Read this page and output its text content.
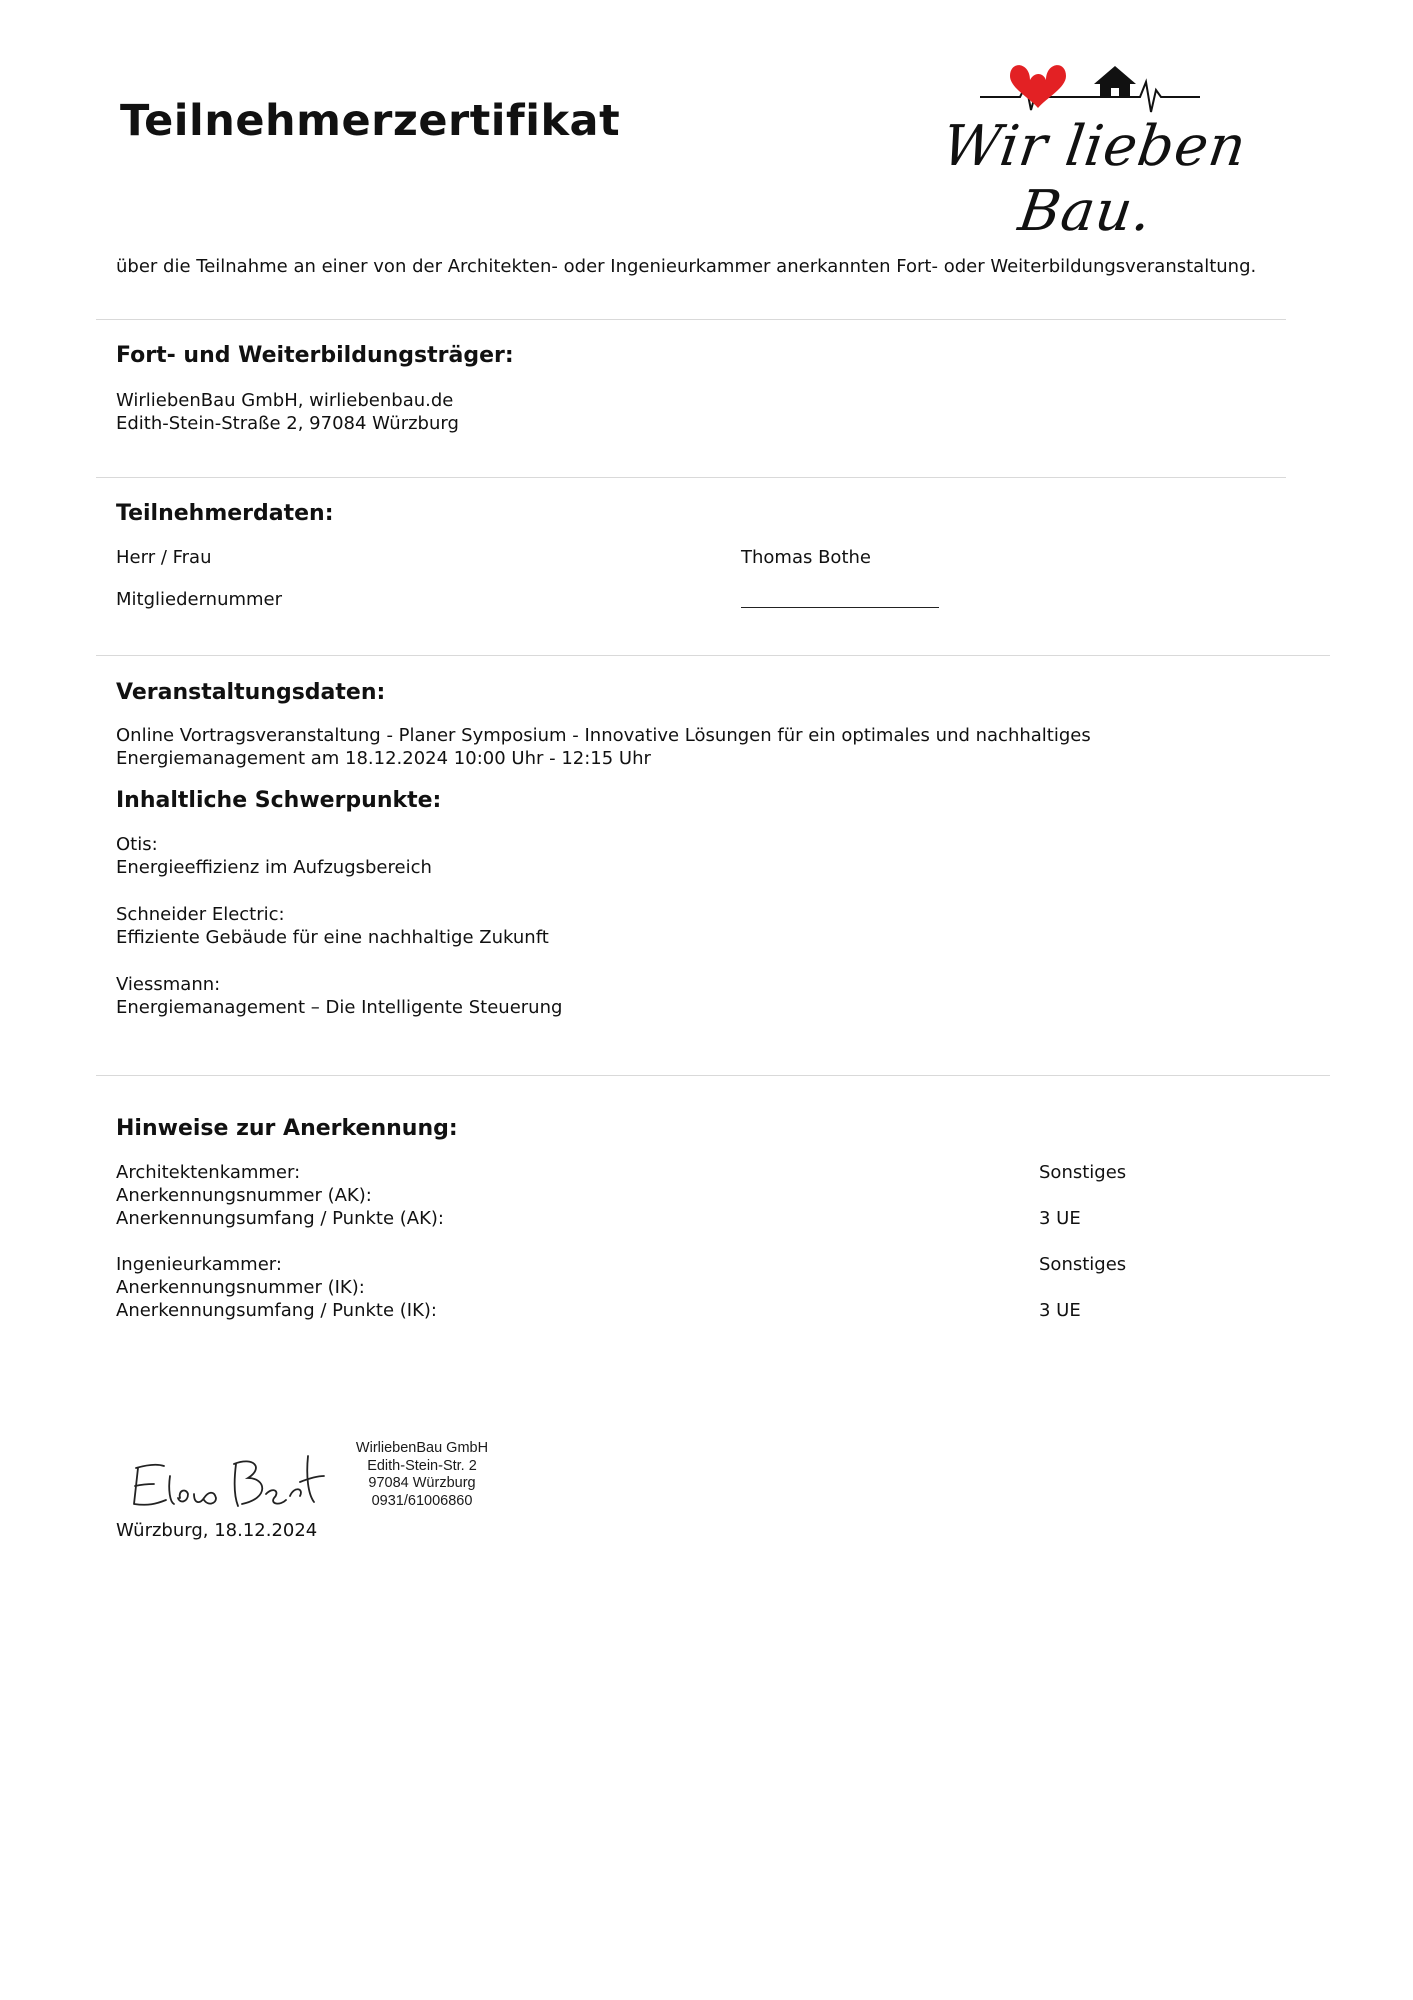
Teilnehmerzertifikat	Wir lieben Bau.
über die Teilnahme an einer von der Architekten- oder Ingenieurkammer anerkannten Fort- oder Weiterbildungsveranstaltung.
Fort- und Weiterbildungsträger:
WirliebenBau GmbH, wirliebenbau.de
Edith-Stein-Straße 2, 97084 Würzburg
Teilnehmerdaten:
Herr / Frau	Thomas Bothe
Mitgliedernummer
Veranstaltungsdaten:
Online Vortragsveranstaltung - Planer Symposium - Innovative Lösungen für ein optimales und nachhaltiges
Energiemanagement am 18.12.2024 10:00 Uhr - 12:15 Uhr
Inhaltliche Schwerpunkte:
Otis:
Energieeffizienz im Aufzugsbereich
Schneider Electric:
Effiziente Gebäude für eine nachhaltige Zukunft
Viessmann:
Energiemanagement – Die Intelligente Steuerung
Hinweise zur Anerkennung:
Architektenkammer:
Anerkennungsnummer (AK):
Anerkennungsumfang / Punkte (AK):
Sonstiges
3 UE
Ingenieurkammer:
Anerkennungsnummer (IK):
Anerkennungsumfang / Punkte (IK):
Sonstiges
3 UE
WirliebenBau GmbH
Edith-Stein-Str. 2
97084 Würzburg
0931/61006860
Würzburg, 18.12.2024
